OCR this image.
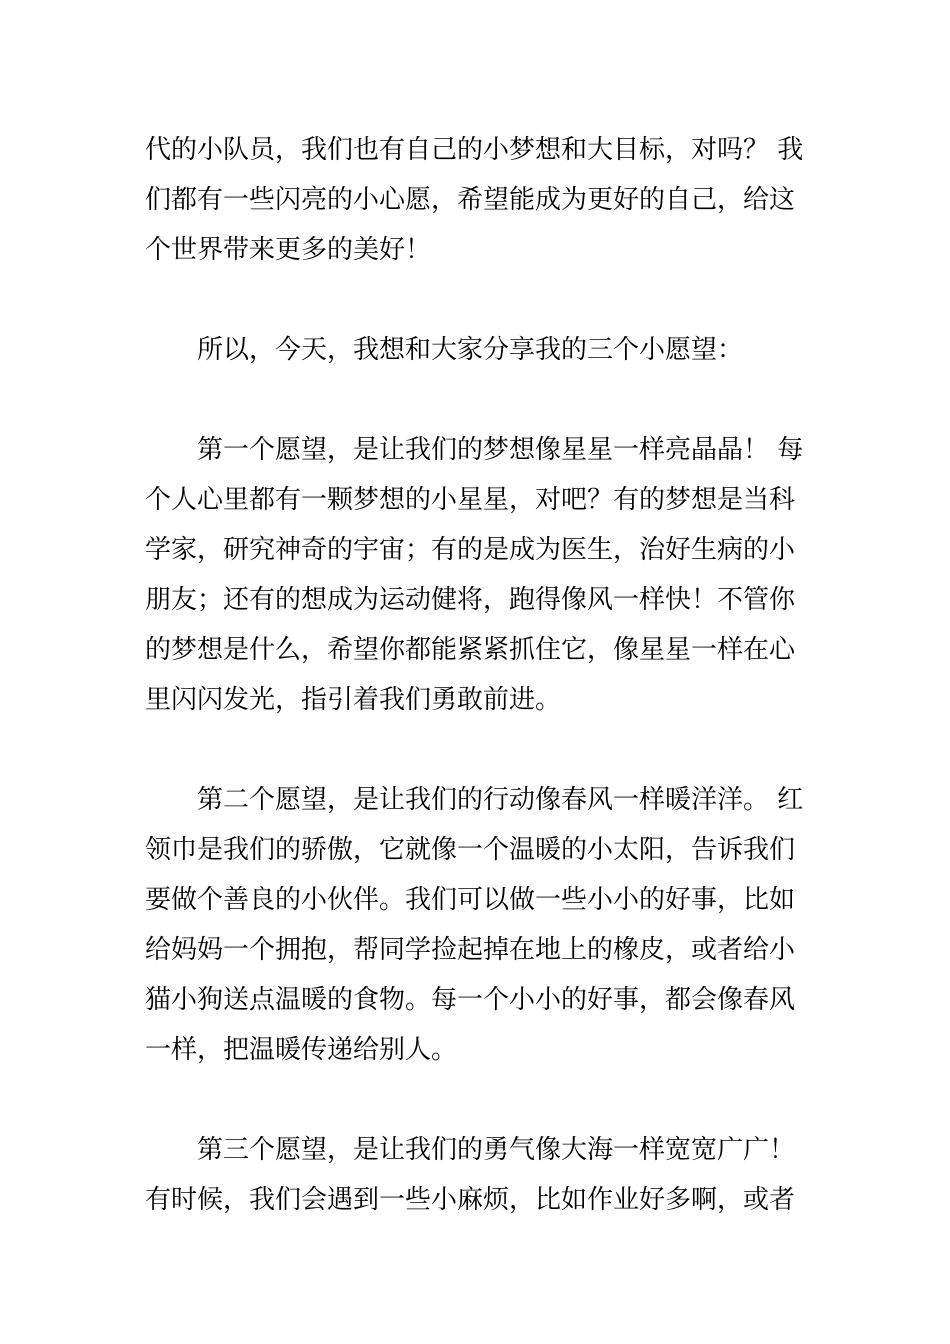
代的小队员，我们也有自己的小梦想和大目标，对吗？ 我
们都有一些闪亮的小心愿，希望能成为更好的自己，给这
个世界带来更多的美好！
所以，今天，我想和大家分享我的三个小愿望：
第一个愿望，是让我们的梦想像星星一样亮晶晶！ 每
个人心里都有一颗梦想的小星星，对吧？有的梦想是当科
学家，研究神奇的宇宙；有的是成为医生，治好生病的小
朋友；还有的想成为运动健将，跑得像风一样快！不管你
的梦想是什么，希望你都能紧紧抓住它，像星星一样在心
里闪闪发光，指引着我们勇敢前进。
第二个愿望，是让我们的行动像春风一样暖洋洋。 红
领巾是我们的骄傲，它就像一个温暖的小太阳，告诉我们
要做个善良的小伙伴。我们可以做一些小小的好事，比如
给妈妈一个拥抱，帮同学捡起掉在地上的橡皮，或者给小
猫小狗送点温暖的食物。每一个小小的好事，都会像春风
一样，把温暖传递给别人。
第三个愿望，是让我们的勇气像大海一样宽宽广广！
有时候，我们会遇到一些小麻烦，比如作业好多啊，或者
